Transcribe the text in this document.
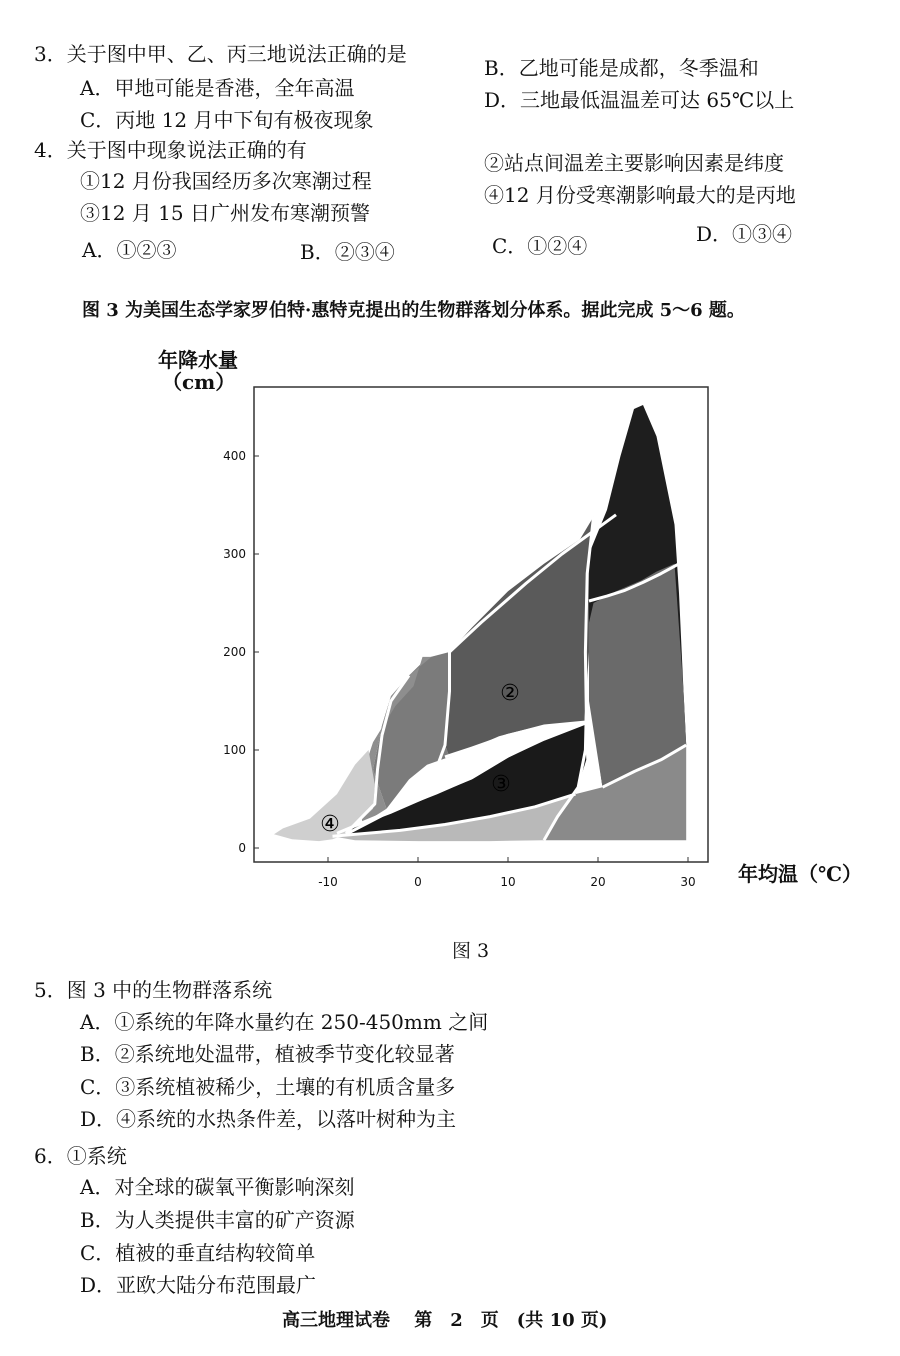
3．关于图中甲、乙、丙三地说法正确的是
A．甲地可能是香港，全年高温
B．乙地可能是成都，冬季温和
C．丙地 12 月中下旬有极夜现象
D．三地最低温温差可达 65℃以上
4．关于图中现象说法正确的有
①12 月份我国经历多次寒潮过程
②站点间温差主要影响因素是纬度
③12 月 15 日广州发布寒潮预警
④12 月份受寒潮影响最大的是丙地
A．①②③	B．②③④	C．①②④	D．①③④
图 3 为美国生态学家罗伯特·惠特克提出的生物群落划分体系。据此完成 5～6 题。
②
③
④
-10	0	10	20	30
0
100
200
300
400
年降水量
（cm）
年均温（℃）
图 3
5．图 3 中的生物群落系统
A．①系统的年降水量约在 250-450mm 之间
B．②系统地处温带，植被季节变化较显著
C．③系统植被稀少，土壤的有机质含量多
D．④系统的水热条件差，以落叶树种为主
6．①系统
A．对全球的碳氧平衡影响深刻
B．为人类提供丰富的矿产资源
C．植被的垂直结构较简单
D．亚欧大陆分布范围最广
高三地理试卷　 第　2　页　(共 10 页)
